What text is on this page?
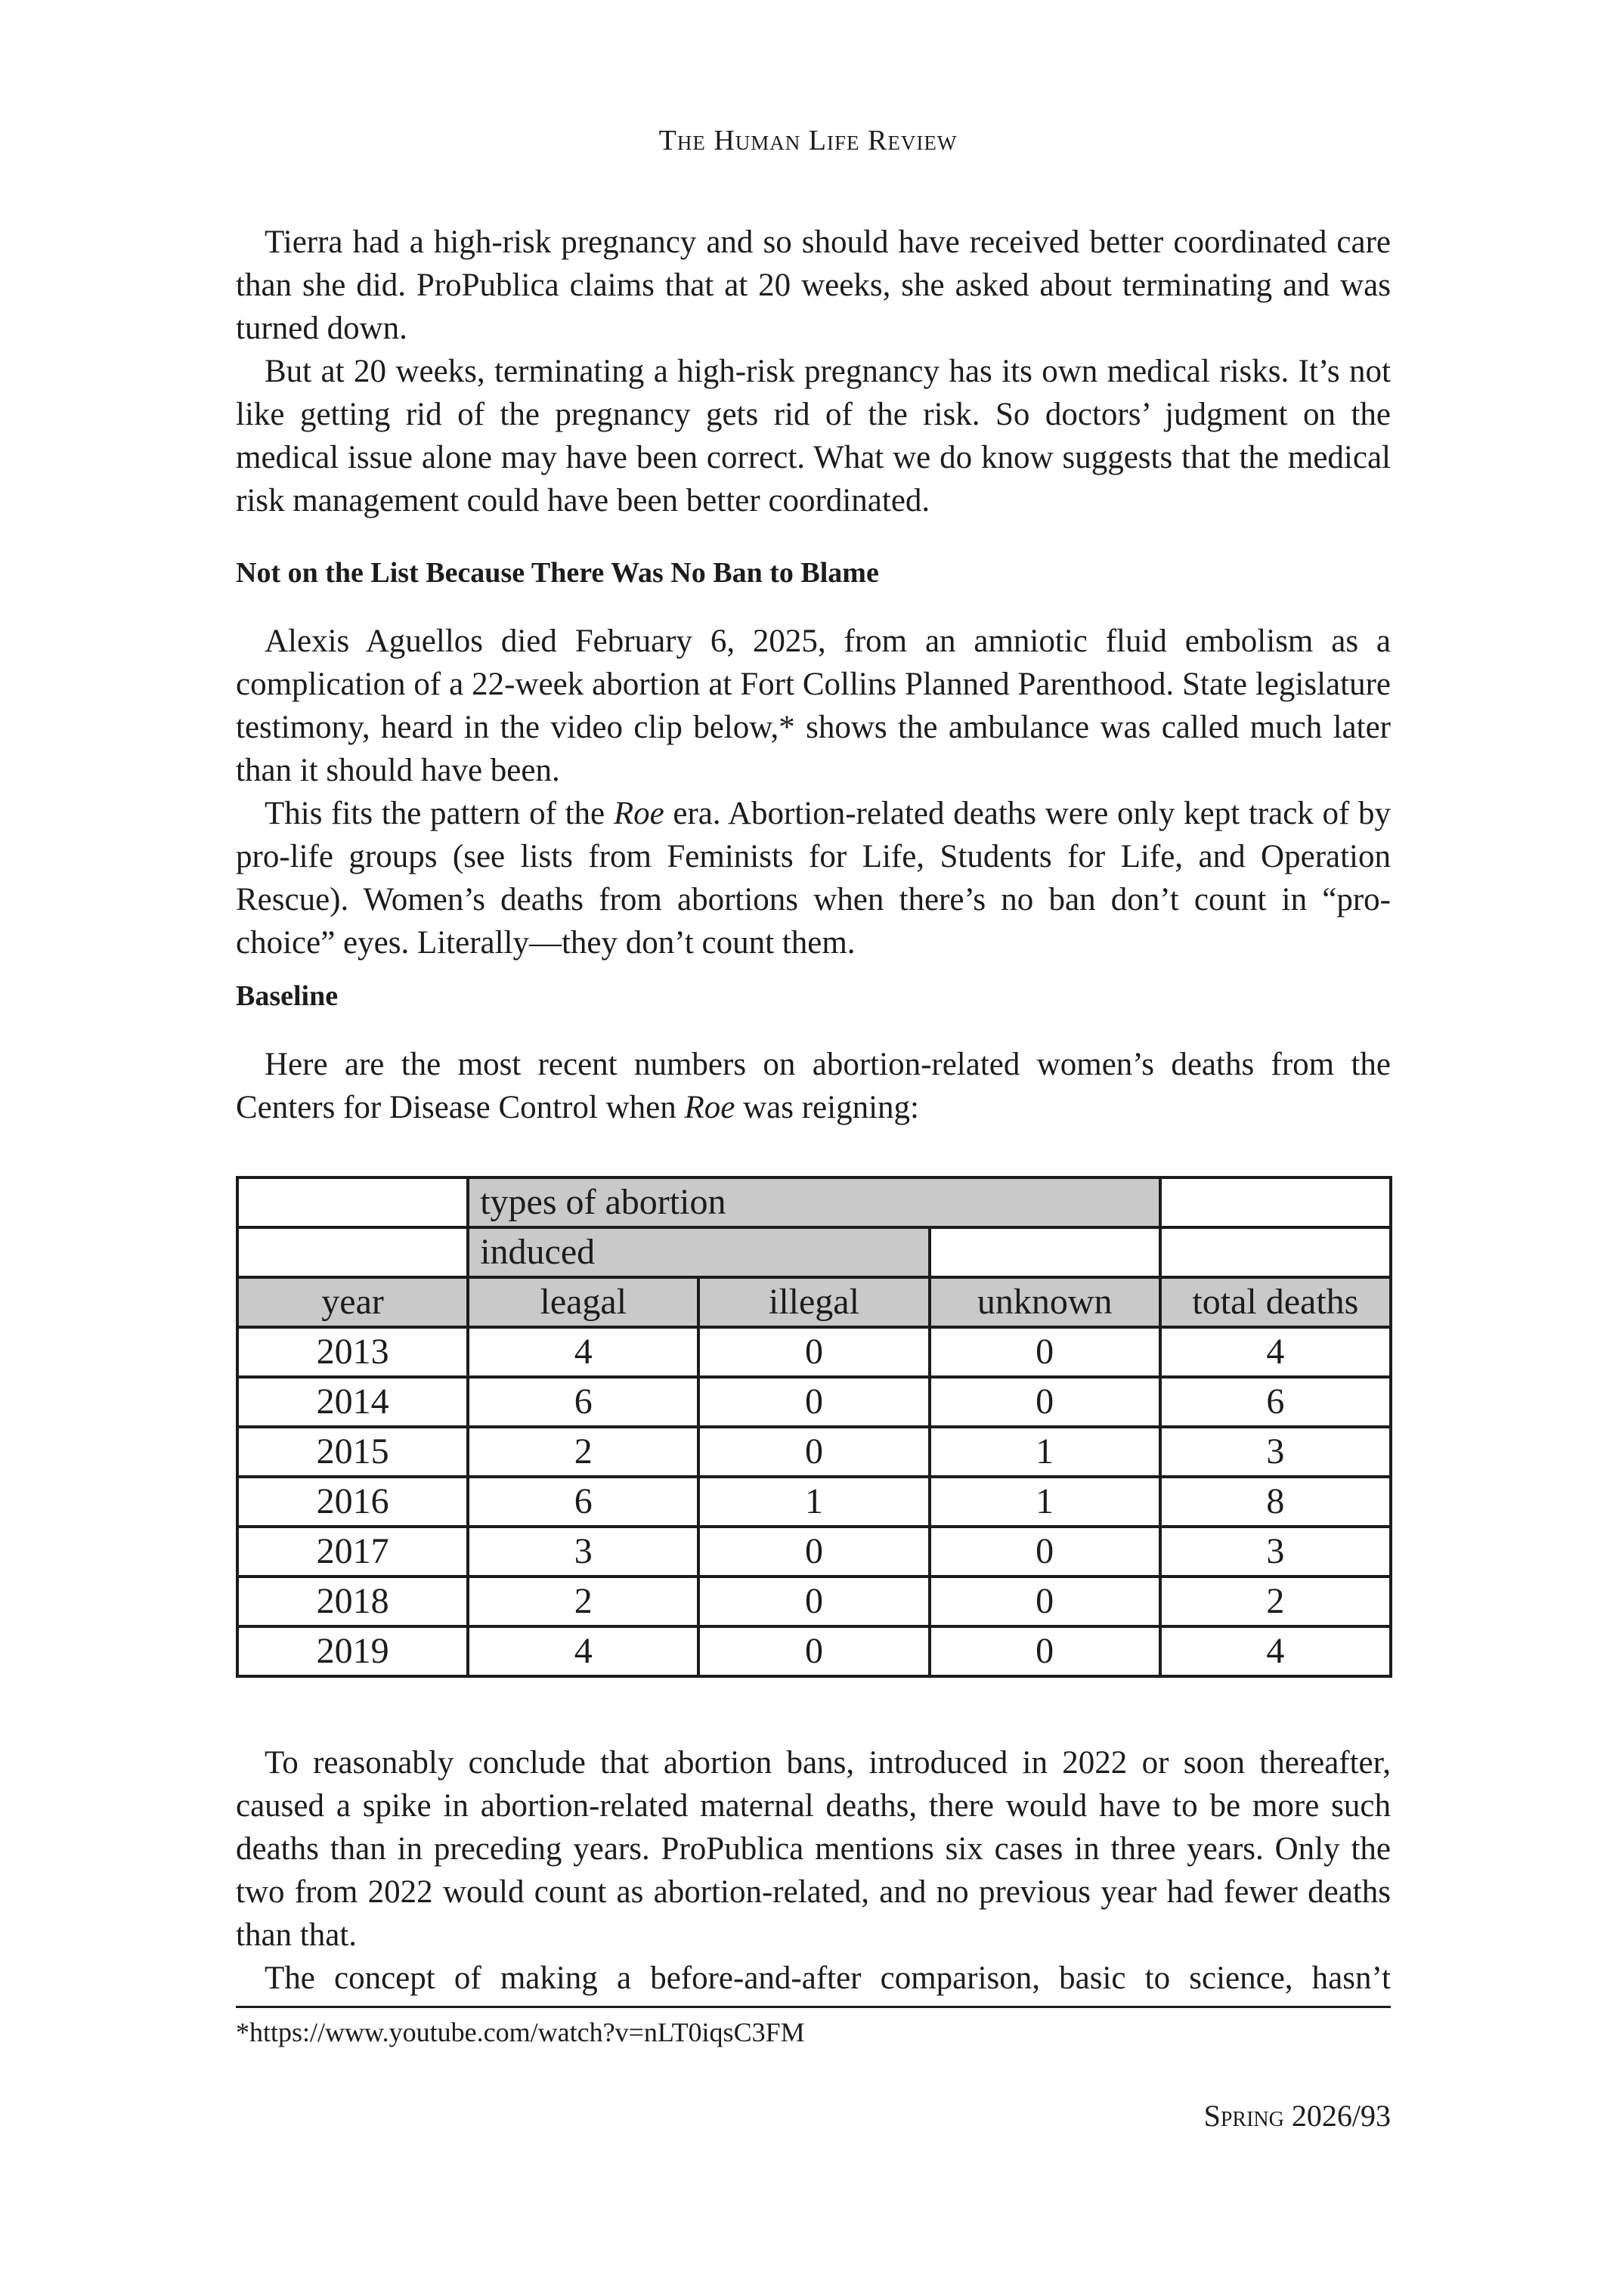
The Human Life Review

Tierra had a high-risk pregnancy and so should have received better coordinated care than she did. ProPublica claims that at 20 weeks, she asked about terminating and was turned down.

But at 20 weeks, terminating a high-risk pregnancy has its own medical risks. It’s not like getting rid of the pregnancy gets rid of the risk. So doctors’ judgment on the medical issue alone may have been correct. What we do know suggests that the medical risk management could have been better coordinated.

Not on the List Because There Was No Ban to Blame

Alexis Aguellos died February 6, 2025, from an amniotic fluid embolism as a complication of a 22-week abortion at Fort Collins Planned Parenthood. State legislature testimony, heard in the video clip below,* shows the ambulance was called much later than it should have been.

This fits the pattern of the Roe era. Abortion-related deaths were only kept track of by pro-life groups (see lists from Feminists for Life, Students for Life, and Operation Rescue). Women’s deaths from abortions when there’s no ban don’t count in “pro-choice” eyes. Literally—they don’t count them.

Baseline

Here are the most recent numbers on abortion-related women’s deaths from the Centers for Disease Control when Roe was reigning:

	types of abortion			
	induced			
year	leagal	illegal	unknown	total deaths
2013	4	0	0	4
2014	6	0	0	6
2015	2	0	1	3
2016	6	1	1	8
2017	3	0	0	3
2018	2	0	0	2
2019	4	0	0	4

To reasonably conclude that abortion bans, introduced in 2022 or soon thereafter, caused a spike in abortion-related maternal deaths, there would have to be more such deaths than in preceding years. ProPublica mentions six cases in three years. Only the two from 2022 would count as abortion-related, and no previous year had fewer deaths than that.

The concept of making a before-and-after comparison, basic to science, hasn’t

*https://www.youtube.com/watch?v=nLT0iqsC3FM
Spring 2026/93
